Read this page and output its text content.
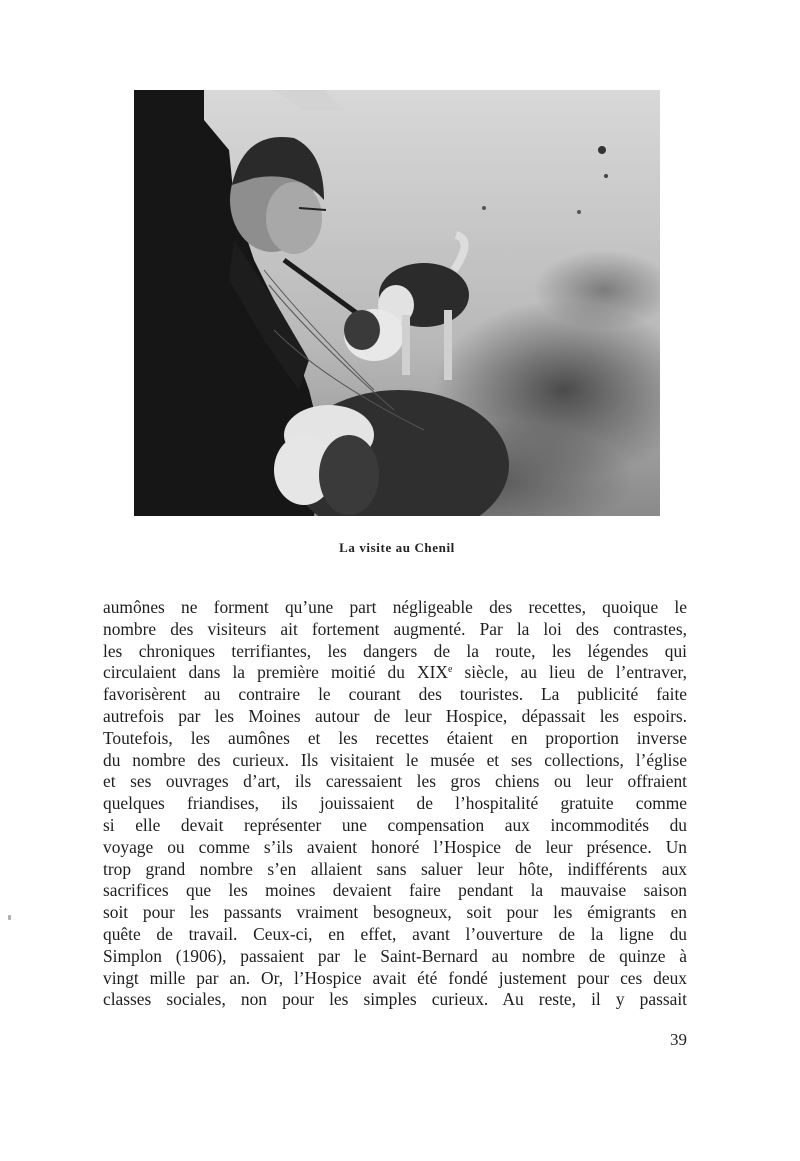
La visite au Chenil

aumônes ne forment qu’une part négligeable des recettes, quoique le
nombre des visiteurs ait fortement augmenté. Par la loi des contrastes,
les chroniques terrifiantes, les dangers de la route, les légendes qui
circulaient dans la première moitié du XIXe siècle, au lieu de l’entraver,
favorisèrent au contraire le courant des touristes. La publicité faite
autrefois par les Moines autour de leur Hospice, dépassait les espoirs.
Toutefois, les aumônes et les recettes étaient en proportion inverse
du nombre des curieux. Ils visitaient le musée et ses collections, l’église
et ses ouvrages d’art, ils caressaient les gros chiens ou leur offraient
quelques friandises, ils jouissaient de l’hospitalité gratuite comme
si elle devait représenter une compensation aux incommodités du
voyage ou comme s’ils avaient honoré l’Hospice de leur présence. Un
trop grand nombre s’en allaient sans saluer leur hôte, indifférents aux
sacrifices que les moines devaient faire pendant la mauvaise saison
soit pour les passants vraiment besogneux, soit pour les émigrants en
quête de travail. Ceux-ci, en effet, avant l’ouverture de la ligne du
Simplon (1906), passaient par le Saint-Bernard au nombre de quinze à
vingt mille par an. Or, l’Hospice avait été fondé justement pour ces deux
classes sociales, non pour les simples curieux. Au reste, il y passait

39
